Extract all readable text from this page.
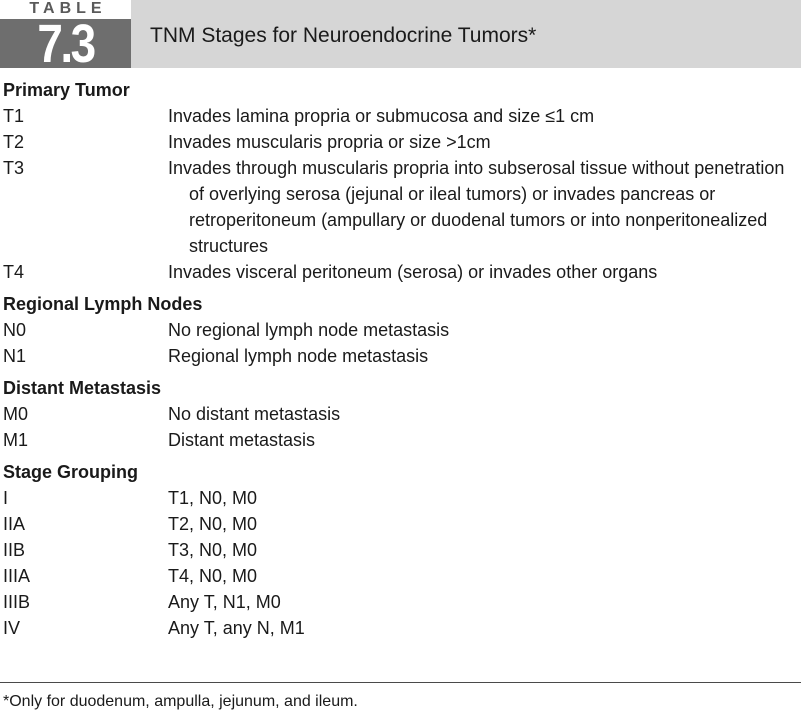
TABLE
7.3	TNM Stages for Neuroendocrine Tumors*
Primary Tumor
T1	Invades lamina propria or submucosa and size ≤1 cm
T2	Invades muscularis propria or size >1cm
T3	Invades through muscularis propria into subserosal tissue without penetration of overlying serosa (jejunal or ileal tumors) or invades pancreas or retroperitoneum (ampullary or duodenal tumors or into nonperitonealized structures
T4	Invades visceral peritoneum (serosa) or invades other organs
Regional Lymph Nodes
N0	No regional lymph node metastasis
N1	Regional lymph node metastasis
Distant Metastasis
M0	No distant metastasis
M1	Distant metastasis
Stage Grouping
I	T1, N0, M0
IIA	T2, N0, M0
IIB	T3, N0, M0
IIIA	T4, N0, M0
IIIB	Any T, N1, M0
IV	Any T, any N, M1
*Only for duodenum, ampulla, jejunum, and ileum.
